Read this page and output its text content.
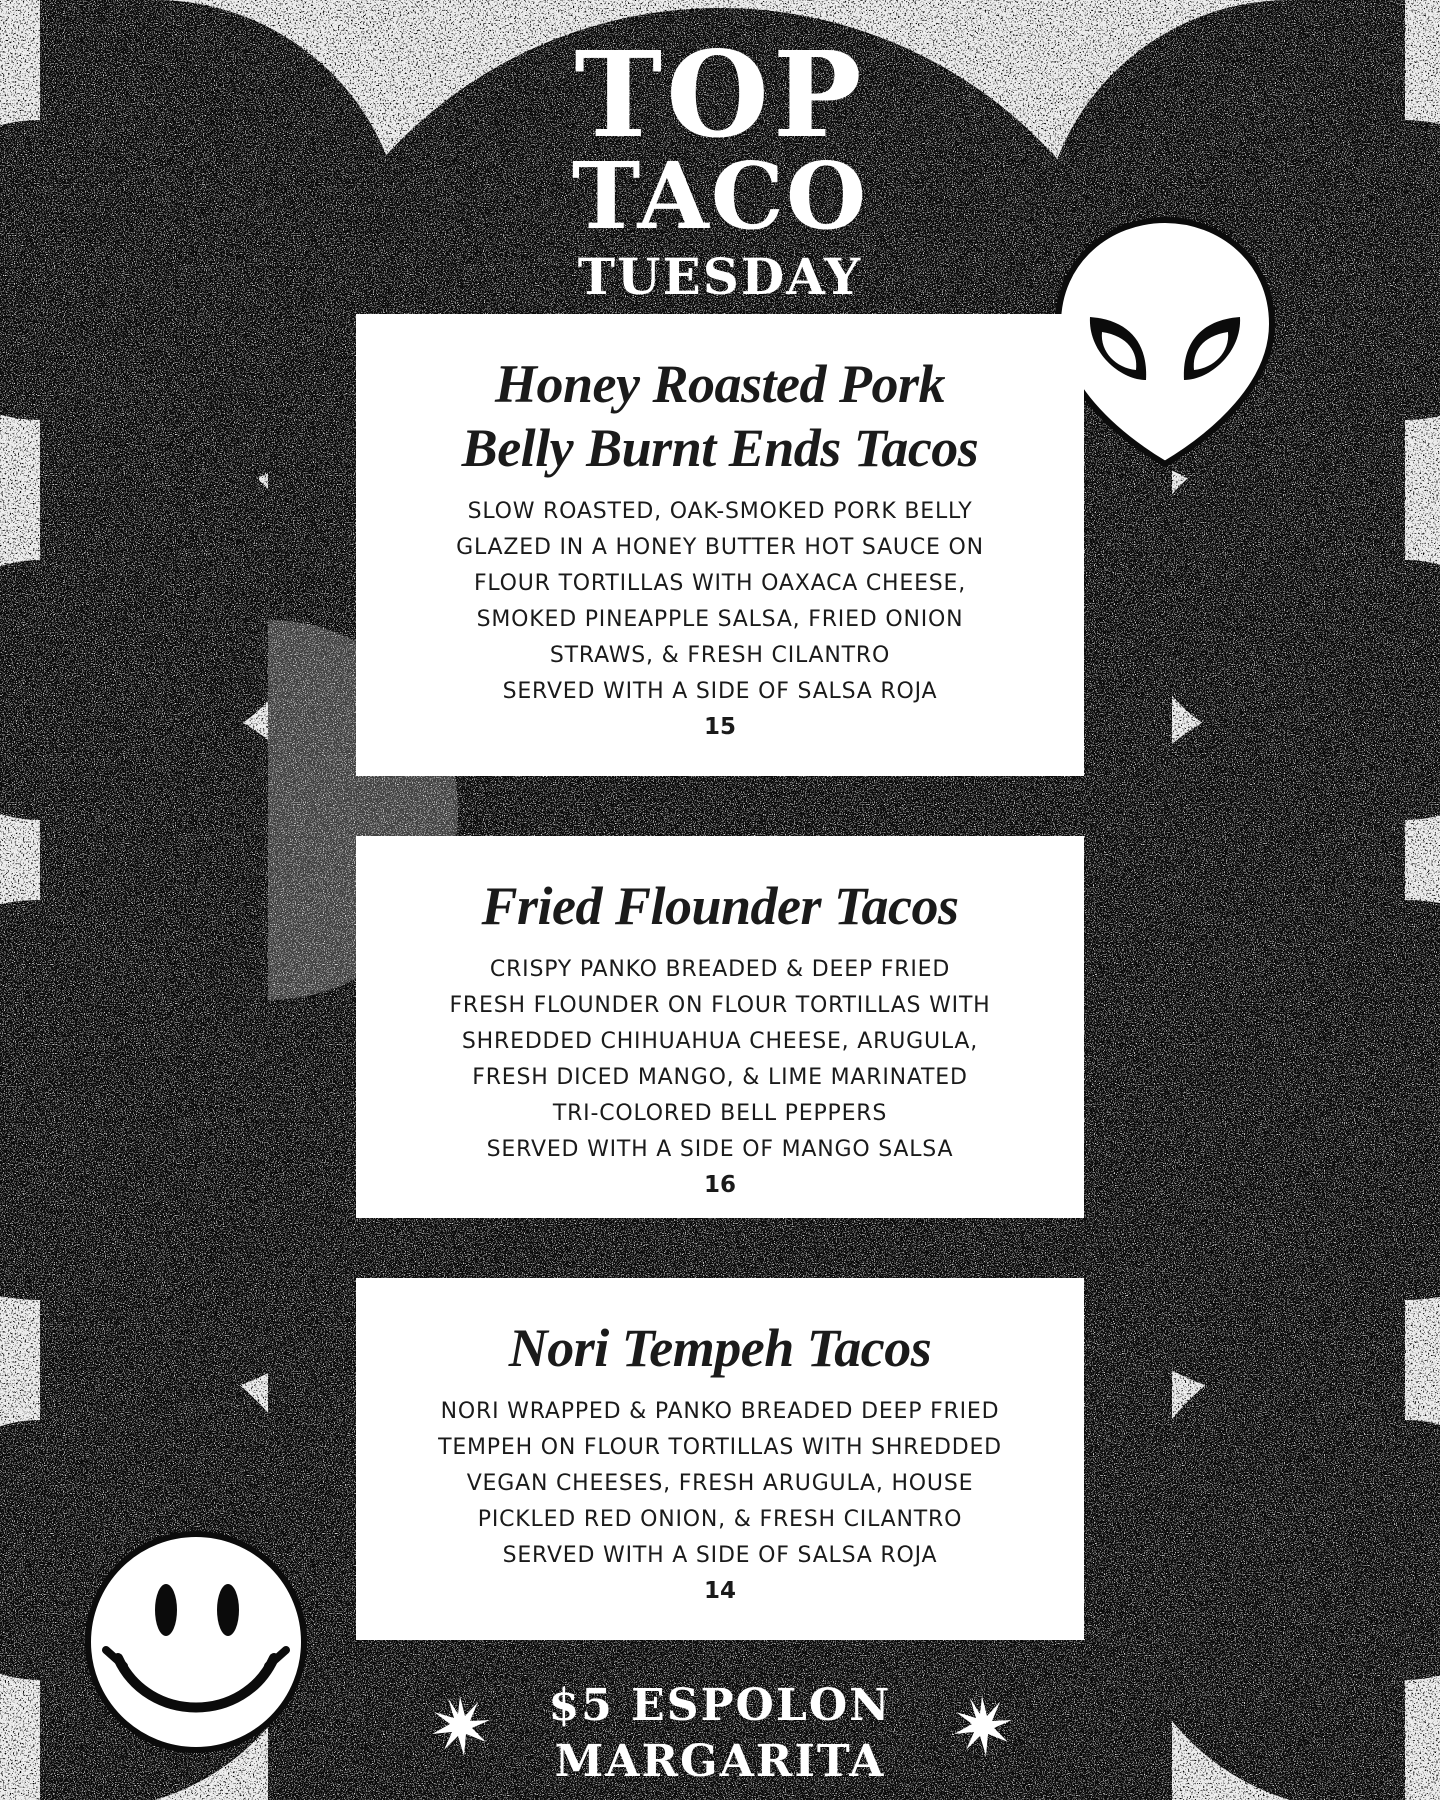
TOP
TACO
TUESDAY

Honey Roasted Pork
Belly Burnt Ends Tacos

SLOW ROASTED, OAK-SMOKED PORK BELLY
GLAZED IN A HONEY BUTTER HOT SAUCE ON
FLOUR TORTILLAS WITH OAXACA CHEESE,
SMOKED PINEAPPLE SALSA, FRIED ONION
STRAWS, & FRESH CILANTRO
SERVED WITH A SIDE OF SALSA ROJA

15

Fried Flounder Tacos

CRISPY PANKO BREADED & DEEP FRIED
FRESH FLOUNDER ON FLOUR TORTILLAS WITH
SHREDDED CHIHUAHUA CHEESE, ARUGULA,
FRESH DICED MANGO, & LIME MARINATED
TRI-COLORED BELL PEPPERS
SERVED WITH A SIDE OF MANGO SALSA

16

Nori Tempeh Tacos

NORI WRAPPED & PANKO BREADED DEEP FRIED
TEMPEH ON FLOUR TORTILLAS WITH SHREDDED
VEGAN CHEESES, FRESH ARUGULA, HOUSE
PICKLED RED ONION, & FRESH CILANTRO
SERVED WITH A SIDE OF SALSA ROJA

14

$5 ESPOLON
MARGARITA
